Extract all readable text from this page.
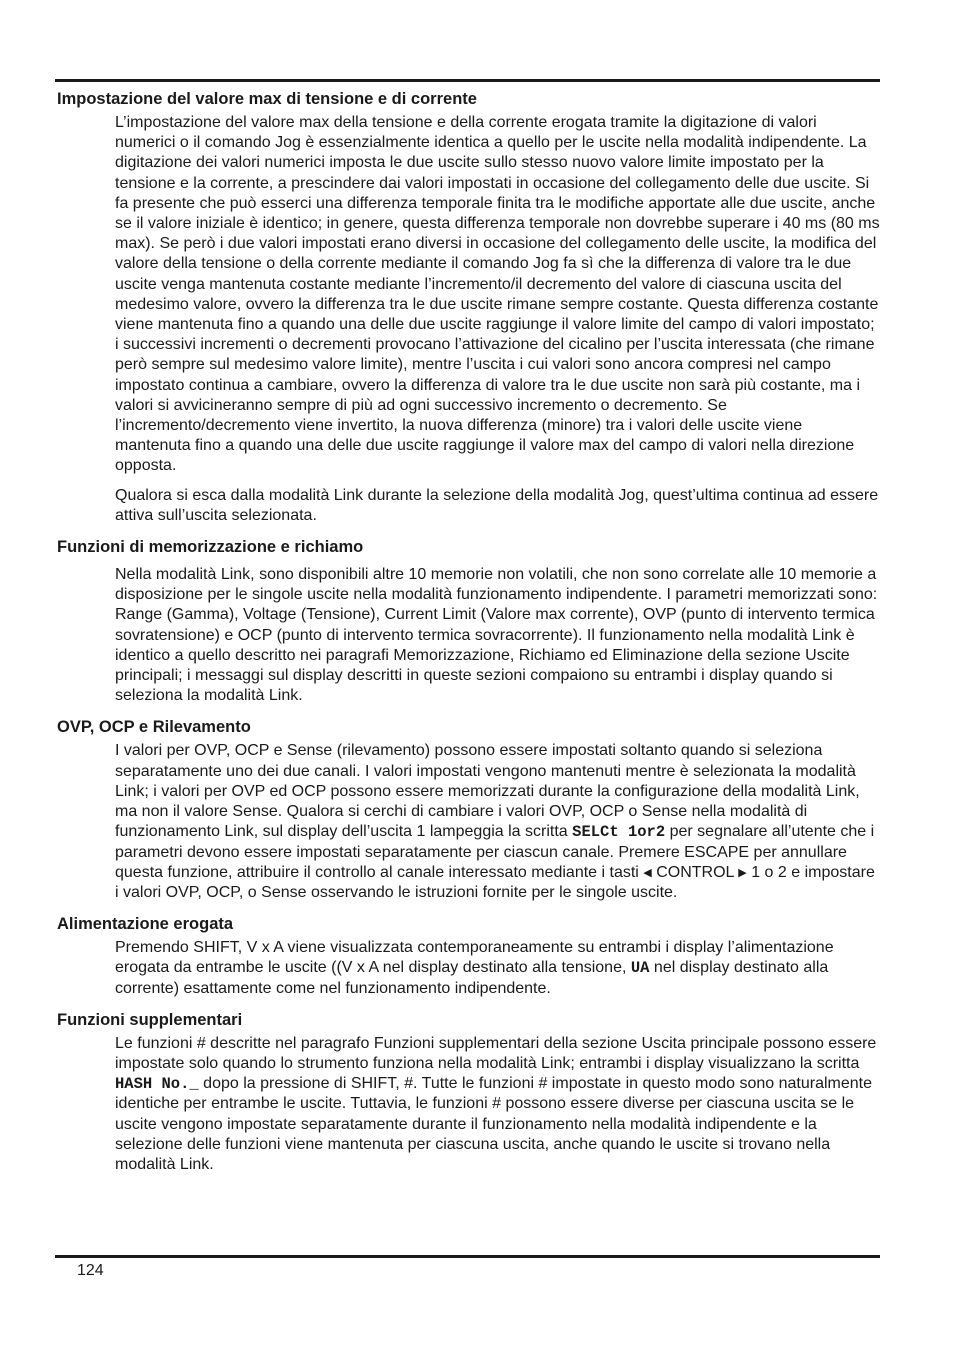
Impostazione del valore max di tensione e di corrente

L’impostazione del valore max della tensione e della corrente erogata tramite la digitazione di valori numerici o il comando Jog è essenzialmente identica a quello per le uscite nella modalità indipendente. La digitazione dei valori numerici imposta le due uscite sullo stesso nuovo valore limite impostato per la tensione e la corrente, a prescindere dai valori impostati in occasione del collegamento delle due uscite. Si fa presente che può esserci una differenza temporale finita tra le modifiche apportate alle due uscite, anche se il valore iniziale è identico; in genere, questa differenza temporale non dovrebbe superare i 40 ms (80 ms max). Se però i due valori impostati erano diversi in occasione del collegamento delle uscite, la modifica del valore della tensione o della corrente mediante il comando Jog fa sì che la differenza di valore tra le due uscite venga mantenuta costante mediante l’incremento/il decremento del valore di ciascuna uscita del medesimo valore, ovvero la differenza tra le due uscite rimane sempre costante. Questa differenza costante viene mantenuta fino a quando una delle due uscite raggiunge il valore limite del campo di valori impostato; i successivi incrementi o decrementi provocano l’attivazione del cicalino per l’uscita interessata (che rimane però sempre sul medesimo valore limite), mentre l’uscita i cui valori sono ancora compresi nel campo impostato continua a cambiare, ovvero la differenza di valore tra le due uscite non sarà più costante, ma i valori si avvicineranno sempre di più ad ogni successivo incremento o decremento. Se l’incremento/decremento viene invertito, la nuova differenza (minore) tra i valori delle uscite viene mantenuta fino a quando una delle due uscite raggiunge il valore max del campo di valori nella direzione opposta.

Qualora si esca dalla modalità Link durante la selezione della modalità Jog, quest’ultima continua ad essere attiva sull’uscita selezionata.

Funzioni di memorizzazione e richiamo

Nella modalità Link, sono disponibili altre 10 memorie non volatili, che non sono correlate alle 10 memorie a disposizione per le singole uscite nella modalità funzionamento indipendente. I parametri memorizzati sono: Range (Gamma), Voltage (Tensione), Current Limit (Valore max corrente), OVP (punto di intervento termica sovratensione) e OCP (punto di intervento termica sovracorrente). Il funzionamento nella modalità Link è identico a quello descritto nei paragrafi Memorizzazione, Richiamo ed Eliminazione della sezione Uscite principali; i messaggi sul display descritti in queste sezioni compaiono su entrambi i display quando si seleziona la modalità Link.

OVP, OCP e Rilevamento

I valori per OVP, OCP e Sense (rilevamento) possono essere impostati soltanto quando si seleziona separatamente uno dei due canali. I valori impostati vengono mantenuti mentre è selezionata la modalità Link; i valori per OVP ed OCP possono essere memorizzati durante la configurazione della modalità Link, ma non il valore Sense. Qualora si cerchi di cambiare i valori OVP, OCP o Sense nella modalità di funzionamento Link, sul display dell’uscita 1 lampeggia la scritta SELCt 1or2 per segnalare all’utente che i parametri devono essere impostati separatamente per ciascun canale. Premere ESCAPE per annullare questa funzione, attribuire il controllo al canale interessato mediante i tasti ◀ CONTROL ▶ 1 o 2 e impostare i valori OVP, OCP, o Sense osservando le istruzioni fornite per le singole uscite.

Alimentazione erogata

Premendo SHIFT, V x A viene visualizzata contemporaneamente su entrambi i display l’alimentazione erogata da entrambe le uscite ((V x A nel display destinato alla tensione, UA nel display destinato alla corrente) esattamente come nel funzionamento indipendente.

Funzioni supplementari

Le funzioni # descritte nel paragrafo Funzioni supplementari della sezione Uscita principale possono essere impostate solo quando lo strumento funziona nella modalità Link; entrambi i display visualizzano la scritta HASH No._ dopo la pressione di SHIFT, #. Tutte le funzioni # impostate in questo modo sono naturalmente identiche per entrambe le uscite. Tuttavia, le funzioni # possono essere diverse per ciascuna uscita se le uscite vengono impostate separatamente durante il funzionamento nella modalità indipendente e la selezione delle funzioni viene mantenuta per ciascuna uscita, anche quando le uscite si trovano nella modalità Link.

124
